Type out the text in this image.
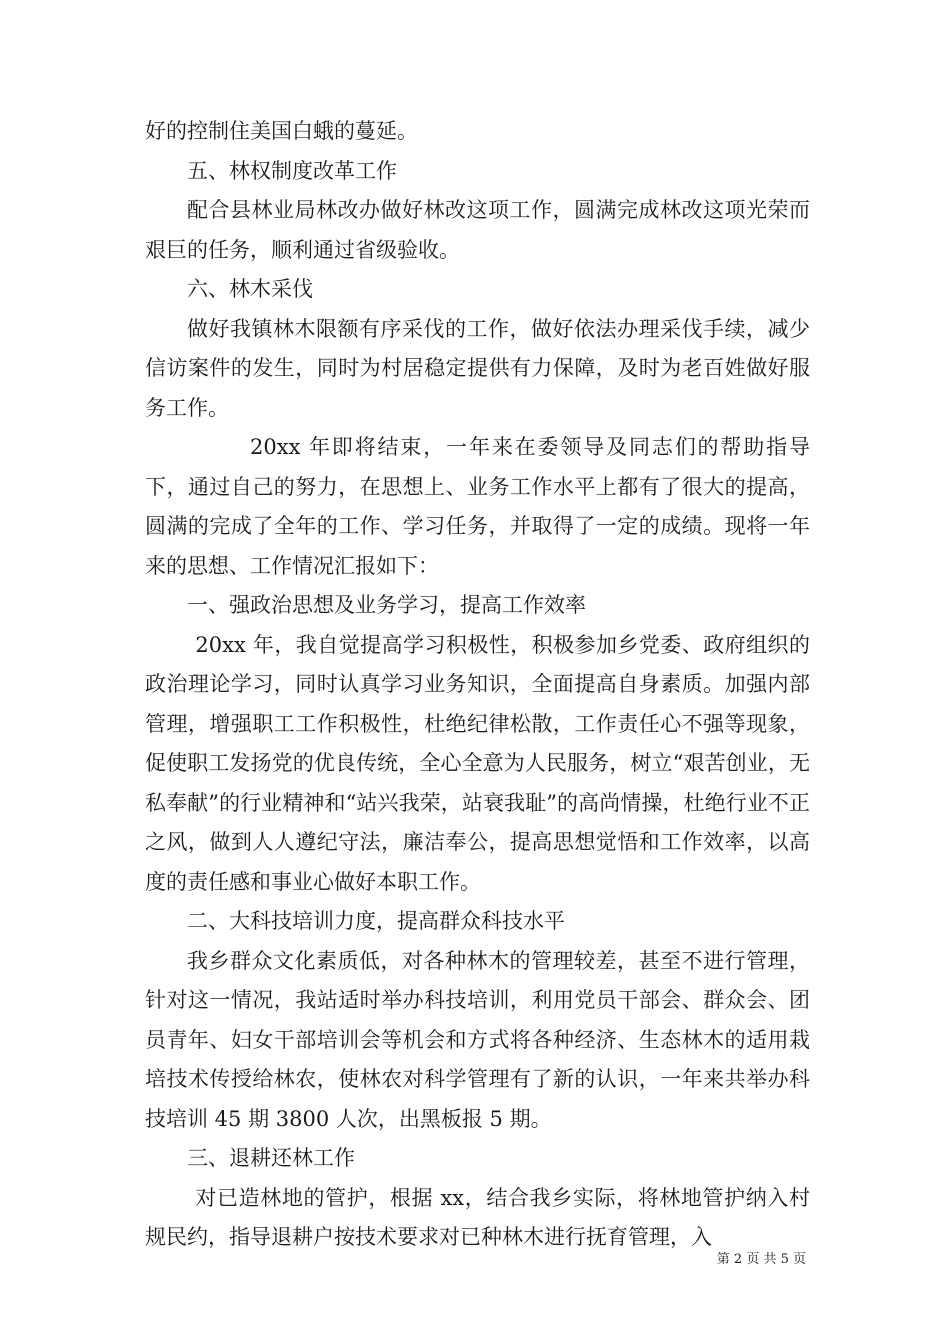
好的控制住美国白蛾的蔓延。

五、林权制度改革工作

配合县林业局林改办做好林改这项工作，圆满完成林改这项光荣而艰巨的任务，顺利通过省级验收。

六、林木采伐

做好我镇林木限额有序采伐的工作，做好依法办理采伐手续，减少信访案件的发生，同时为村居稳定提供有力保障，及时为老百姓做好服务工作。

20xx 年即将结束，一年来在委领导及同志们的帮助指导下，通过自己的努力，在思想上、业务工作水平上都有了很大的提高，圆满的完成了全年的工作、学习任务，并取得了一定的成绩。现将一年来的思想、工作情况汇报如下：

一、强政治思想及业务学习，提高工作效率

20xx 年，我自觉提高学习积极性，积极参加乡党委、政府组织的政治理论学习，同时认真学习业务知识，全面提高自身素质。加强内部管理，增强职工工作积极性，杜绝纪律松散，工作责任心不强等现象，促使职工发扬党的优良传统，全心全意为人民服务，树立“艰苦创业，无私奉献”的行业精神和“站兴我荣，站衰我耻”的高尚情操，杜绝行业不正之风，做到人人遵纪守法，廉洁奉公，提高思想觉悟和工作效率，以高度的责任感和事业心做好本职工作。

二、大科技培训力度，提高群众科技水平

我乡群众文化素质低，对各种林木的管理较差，甚至不进行管理，针对这一情况，我站适时举办科技培训，利用党员干部会、群众会、团员青年、妇女干部培训会等机会和方式将各种经济、生态林木的适用栽培技术传授给林农，使林农对科学管理有了新的认识，一年来共举办科技培训 45 期 3800 人次，出黑板报 5 期。

三、退耕还林工作

对已造林地的管护，根据 xx，结合我乡实际，将林地管护纳入村规民约，指导退耕户按技术要求对已种林木进行抚育管理，入

第 2 页 共 5 页
